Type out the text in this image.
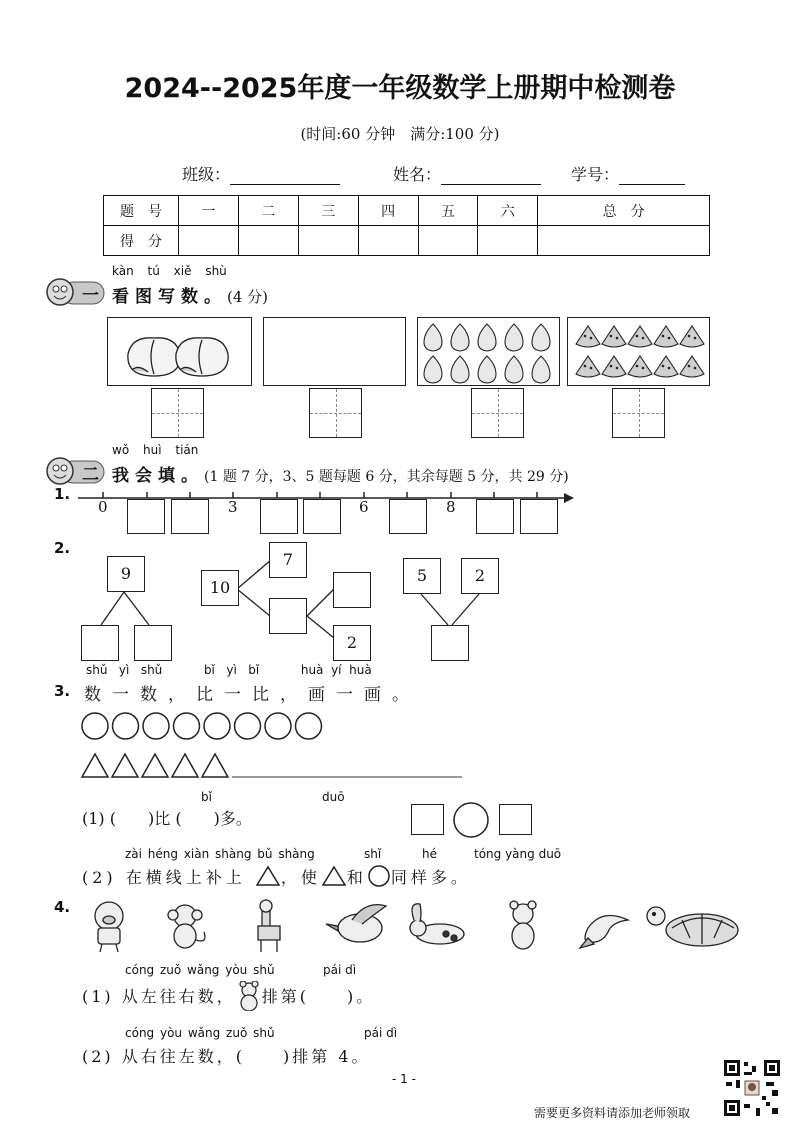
2024--2025年度一年级数学上册期中检测卷
(时间:60 分钟　满分:100 分)
班级：	姓名：	学号：
题　号	一	二	三	四	五	六	总　分
得　分							
kàn tú xiě shù
一 看图写数。(4 分)
wǒ huì tián
二 我会填。(1 题 7 分，3、5 题每题 6 分，其余每题 5 分，共 29 分)
1.
0	3	6	8
2.
9
10
7
2
5	2
shǔ yì shǔ	bǐ yì bǐ	huà yí huà
3. 数一数，比一比，画一画。
bǐ	duō
(1) (　　)比 (　　)多。
zài héng xiàn shàng bǔ shàng	shǐ	hé	tóng yàng duō
(2) 在横线上补上 ，使 和 同样多。
4.
cóng zuǒ wǎng yòu shǔ	pái dì
(1) 从左往右数， 排第(　　)。
cóng yòu wǎng zuǒ shǔ	pái dì
(2) 从右往左数，(　　)排第 4。
- 1 -
需要更多资料请添加老师领取
